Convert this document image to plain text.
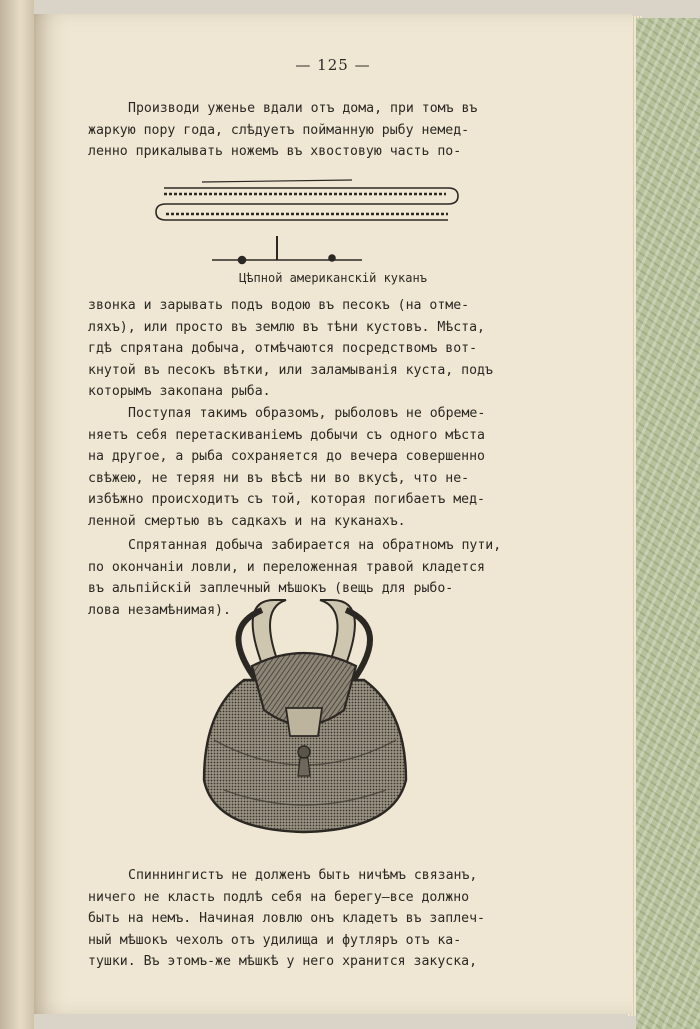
— 125 —

Производи уженье вдали отъ дома, при томъ въ
жаркую пору года, слѣдуетъ пойманную рыбу немед-
ленно прикалывать ножемъ въ хвостовую часть по-

Цѣпной американскій куканъ

звонка и зарывать подъ водою въ песокъ (на отме-
ляхъ), или просто въ землю въ тѣни кустовъ. Мѣста,
гдѣ спрятана добыча, отмѣчаются посредствомъ вот-
кнутой въ песокъ вѣтки, или заламыванія куста, подъ
которымъ закопана рыба.

Поступая такимъ образомъ, рыболовъ не обреме-
няетъ себя перетаскиваніемъ добычи съ одного мѣста
на другое, а рыба сохраняется до вечера совершенно
свѣжею, не теряя ни въ вѣсѣ ни во вкусѣ, что не-
избѣжно происходитъ съ той, которая погибаетъ мед-
ленной смертью въ садкахъ и на куканахъ.

Спрятанная добыча забирается на обратномъ пути,
по окончаніи ловли, и переложенная травой кладется
въ альпійскій заплечный мѣшокъ (вещь для рыбо-
лова незамѣнимая).

Спиннингистъ не долженъ быть ничѣмъ связанъ,
ничего не класть подлѣ себя на берегу—все должно
быть на немъ. Начиная ловлю онъ кладетъ въ заплеч-
ный мѣшокъ чехолъ отъ удилища и футляръ отъ ка-
тушки. Въ этомъ-же мѣшкѣ у него хранится закуска,
